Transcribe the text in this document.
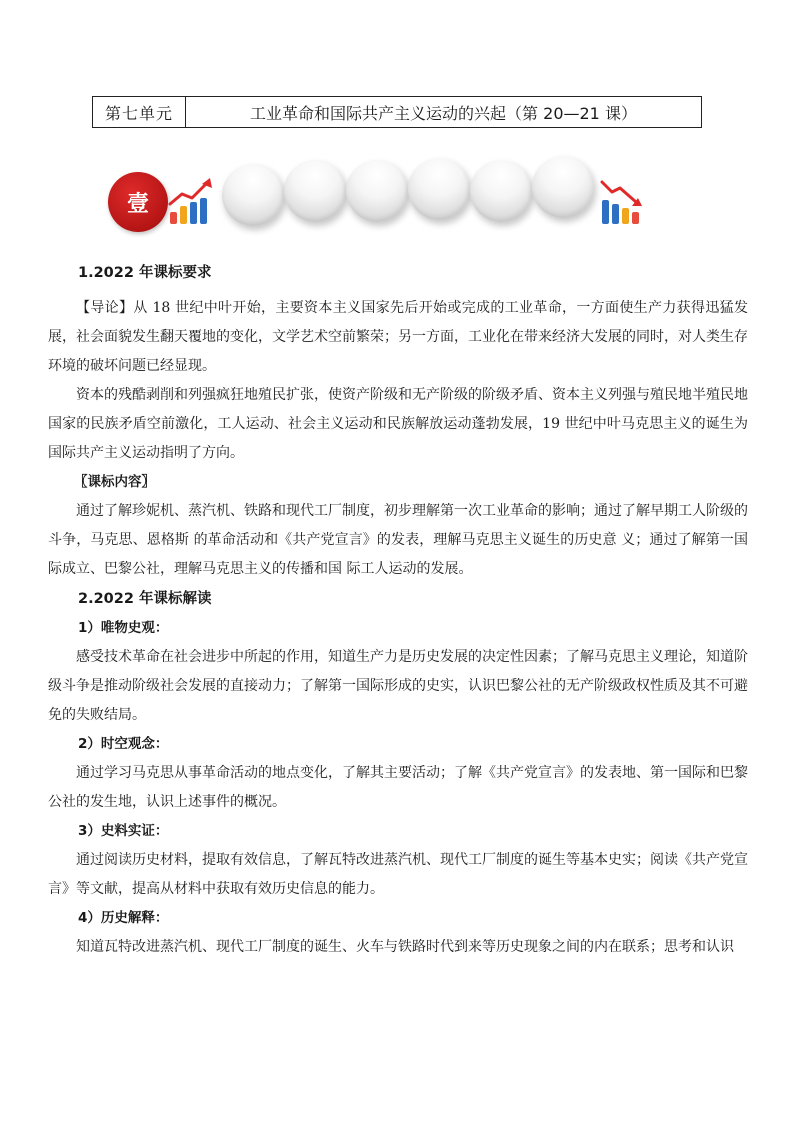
第七单元	工业革命和国际共产主义运动的兴起（第 20—21 课）
壹
1.2022 年课标要求

【导论】从 18 世纪中叶开始，主要资本主义国家先后开始或完成的工业革命，一方面使生产力获得迅猛发展，社会面貌发生翻天覆地的变化，文学艺术空前繁荣；另一方面，工业化在带来经济大发展的同时，对人类生存环境的破坏问题已经显现。

资本的残酷剥削和列强疯狂地殖民扩张，使资产阶级和无产阶级的阶级矛盾、资本主义列强与殖民地半殖民地国家的民族矛盾空前激化，工人运动、社会主义运动和民族解放运动蓬勃发展，19 世纪中叶马克思主义的诞生为国际共产主义运动指明了方向。

〖课标内容〗

通过了解珍妮机、蒸汽机、铁路和现代工厂制度，初步理解第一次工业革命的影响；通过了解早期工人阶级的斗争，马克思、恩格斯 的革命活动和《共产党宣言》的发表，理解马克思主义诞生的历史意 义；通过了解第一国际成立、巴黎公社，理解马克思主义的传播和国 际工人运动的发展。

2.2022 年课标解读
1）唯物史观：

感受技术革命在社会进步中所起的作用，知道生产力是历史发展的决定性因素；了解马克思主义理论，知道阶级斗争是推动阶级社会发展的直接动力；了解第一国际形成的史实，认识巴黎公社的无产阶级政权性质及其不可避免的失败结局。

2）时空观念：

通过学习马克思从事革命活动的地点变化，了解其主要活动；了解《共产党宣言》的发表地、第一国际和巴黎公社的发生地，认识上述事件的概况。

3）史料实证：

通过阅读历史材料，提取有效信息，了解瓦特改进蒸汽机、现代工厂制度的诞生等基本史实；阅读《共产党宣言》等文献，提高从材料中获取有效历史信息的能力。

4）历史解释：

知道瓦特改进蒸汽机、现代工厂制度的诞生、火车与铁路时代到来等历史现象之间的内在联系；思考和认识
